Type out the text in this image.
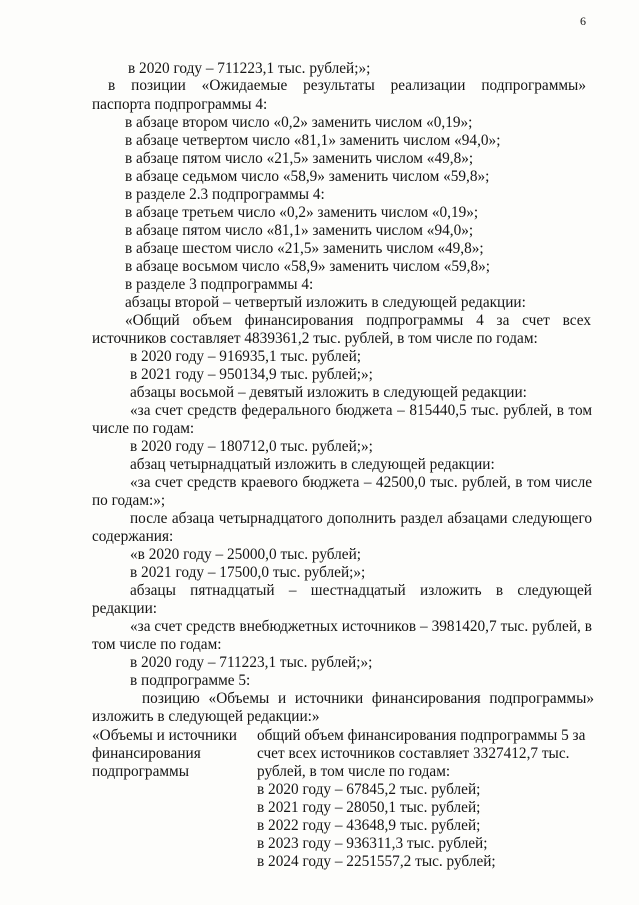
6
в 2020 году – 711223,1 тыс. рублей;»;
в позиции «Ожидаемые результаты реализации подпрограммы»
паспорта подпрограммы 4:
в абзаце втором число «0,2» заменить числом «0,19»;
в абзаце четвертом число «81,1» заменить числом «94,0»;
в абзаце пятом число «21,5» заменить числом «49,8»;
в абзаце седьмом число «58,9» заменить числом «59,8»;
в разделе 2.3 подпрограммы 4:
в абзаце третьем число «0,2» заменить числом «0,19»;
в абзаце пятом число «81,1» заменить числом «94,0»;
в абзаце шестом число «21,5» заменить числом «49,8»;
в абзаце восьмом число «58,9» заменить числом «59,8»;
в разделе 3 подпрограммы 4:
абзацы второй – четвертый изложить в следующей редакции:
«Общий объем финансирования подпрограммы 4 за счет всех
источников составляет 4839361,2 тыс. рублей, в том числе по годам:
в 2020 году – 916935,1 тыс. рублей;
в 2021 году – 950134,9 тыс. рублей;»;
абзацы восьмой – девятый изложить в следующей редакции:
«за счет средств федерального бюджета – 815440,5 тыс. рублей, в том
числе по годам:
в 2020 году – 180712,0 тыс. рублей;»;
абзац четырнадцатый изложить в следующей редакции:
«за счет средств краевого бюджета – 42500,0 тыс. рублей, в том числе
по годам:»;
после абзаца четырнадцатого дополнить раздел абзацами следующего
содержания:
«в 2020 году – 25000,0 тыс. рублей;
в 2021 году – 17500,0 тыс. рублей;»;
абзацы пятнадцатый – шестнадцатый изложить в следующей
редакции:
«за счет средств внебюджетных источников – 3981420,7 тыс. рублей, в
том числе по годам:
в 2020 году – 711223,1 тыс. рублей;»;
в подпрограмме 5:
позицию «Объемы и источники финансирования подпрограммы»
изложить в следующей редакции:»
«Объемы и источники
финансирования
подпрограммы
общий объем финансирования подпрограммы 5 за
счет всех источников составляет 3327412,7 тыс.
рублей, в том числе по годам:
в 2020 году – 67845,2 тыс. рублей;
в 2021 году – 28050,1 тыс. рублей;
в 2022 году – 43648,9 тыс. рублей;
в 2023 году – 936311,3 тыс. рублей;
в 2024 году – 2251557,2 тыс. рублей;
